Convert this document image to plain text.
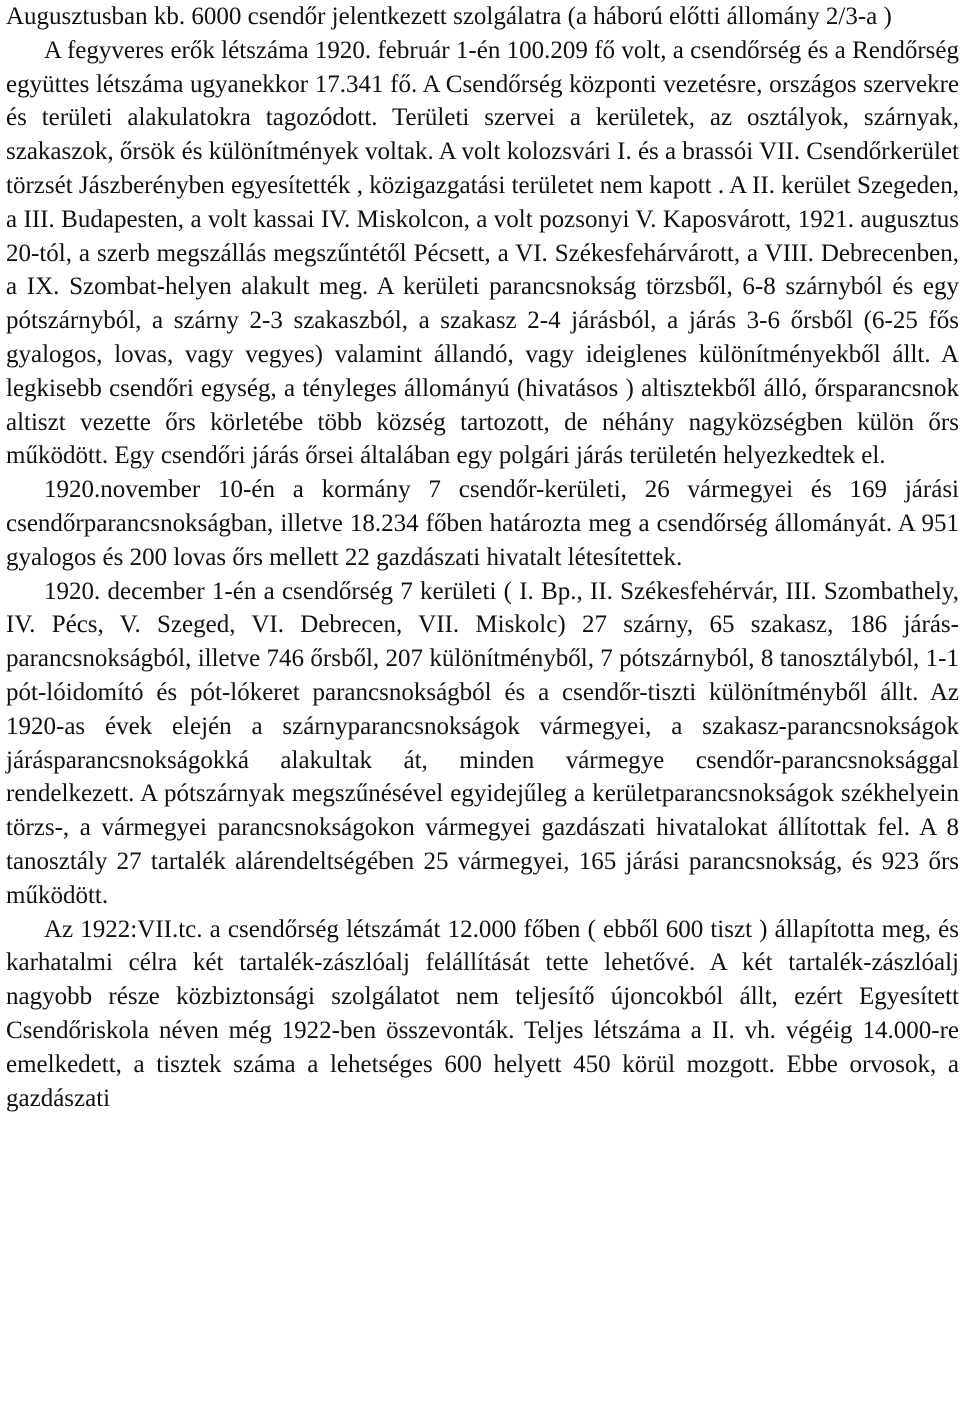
Augusztusban kb. 6000 csendőr jelentkezett szolgálatra (a háború előtti állomány 2/3-a )

A fegyveres erők létszáma 1920. február 1-én 100.209 fő volt, a csendőrség és a Rendőrség együttes létszáma ugyanekkor 17.341 fő. A Csendőrség központi vezetésre, országos szervekre és területi alakulatokra tagozódott. Területi szervei a kerületek, az osztályok, szárnyak, szakaszok, őrsök és különítmények voltak. A volt kolozsvári I. és a brassói VII. Csendőrkerület törzsét Jászberényben egyesítették , közigazgatási területet nem kapott . A II. kerület Szegeden, a III. Budapesten, a volt kassai IV. Miskolcon, a volt pozsonyi V. Kaposvárott, 1921. augusztus 20-tól, a szerb megszállás megszűntétől Pécsett, a VI. Székesfehárvárott, a VIII. Debrecenben, a IX. Szombat-helyen alakult meg. A kerületi parancsnokság törzsből, 6-8 szárnyból és egy pótszárnyból, a szárny 2-3 szakaszból, a szakasz 2-4 járásból, a járás 3-6 őrsből (6-25 fős gyalogos, lovas, vagy vegyes) valamint állandó, vagy ideiglenes különítményekből állt. A legkisebb csendőri egység, a tényleges állományú (hivatásos ) altisztekből álló, őrsparancsnok altiszt vezette őrs körletébe több község tartozott, de néhány nagyközségben külön őrs működött. Egy csendőri járás őrsei általában egy polgári járás területén helyezkedtek el.

1920.november 10-én a kormány 7 csendőr-kerületi, 26 vármegyei és 169 járási csendőrparancsnokságban, illetve 18.234 főben határozta meg a csendőrség állományát. A 951 gyalogos és 200 lovas őrs mellett 22 gazdászati hivatalt létesítettek.

1920. december 1-én a csendőrség 7 kerületi ( I. Bp., II. Székesfehérvár, III. Szombathely, IV. Pécs, V. Szeged, VI. Debrecen, VII. Miskolc) 27 szárny, 65 szakasz, 186 járás-parancsnokságból, illetve 746 őrsből, 207 különítményből, 7 pótszárnyból, 8 tanosztályból, 1-1 pót-lóidomító és pót-lókeret parancsnokságból és a csendőr-tiszti különítményből állt. Az 1920-as évek elején a szárnyparancsnokságok vármegyei, a szakasz-parancsnokságok járásparancsnokságokká alakultak át, minden vármegye csendőr-parancsnoksággal rendelkezett. A pótszárnyak megszűnésével egyidejűleg a kerületparancsnokságok székhelyein törzs-, a vármegyei parancsnokságokon vármegyei gazdászati hivatalokat állítottak fel. A 8 tanosztály 27 tartalék alárendeltségében 25 vármegyei, 165 járási parancsnokság, és 923 őrs működött.

Az 1922:VII.tc. a csendőrség létszámát 12.000 főben ( ebből 600 tiszt ) állapította meg, és karhatalmi célra két tartalék-zászlóalj felállítását tette lehetővé. A két tartalék-zászlóalj nagyobb része közbiztonsági szolgálatot nem teljesítő újoncokból állt, ezért Egyesített Csendőriskola néven még 1922-ben összevonták. Teljes létszáma a II. vh. végéig 14.000-re emelkedett, a tisztek száma a lehetséges 600 helyett 450 körül mozgott. Ebbe orvosok, a gazdászati
